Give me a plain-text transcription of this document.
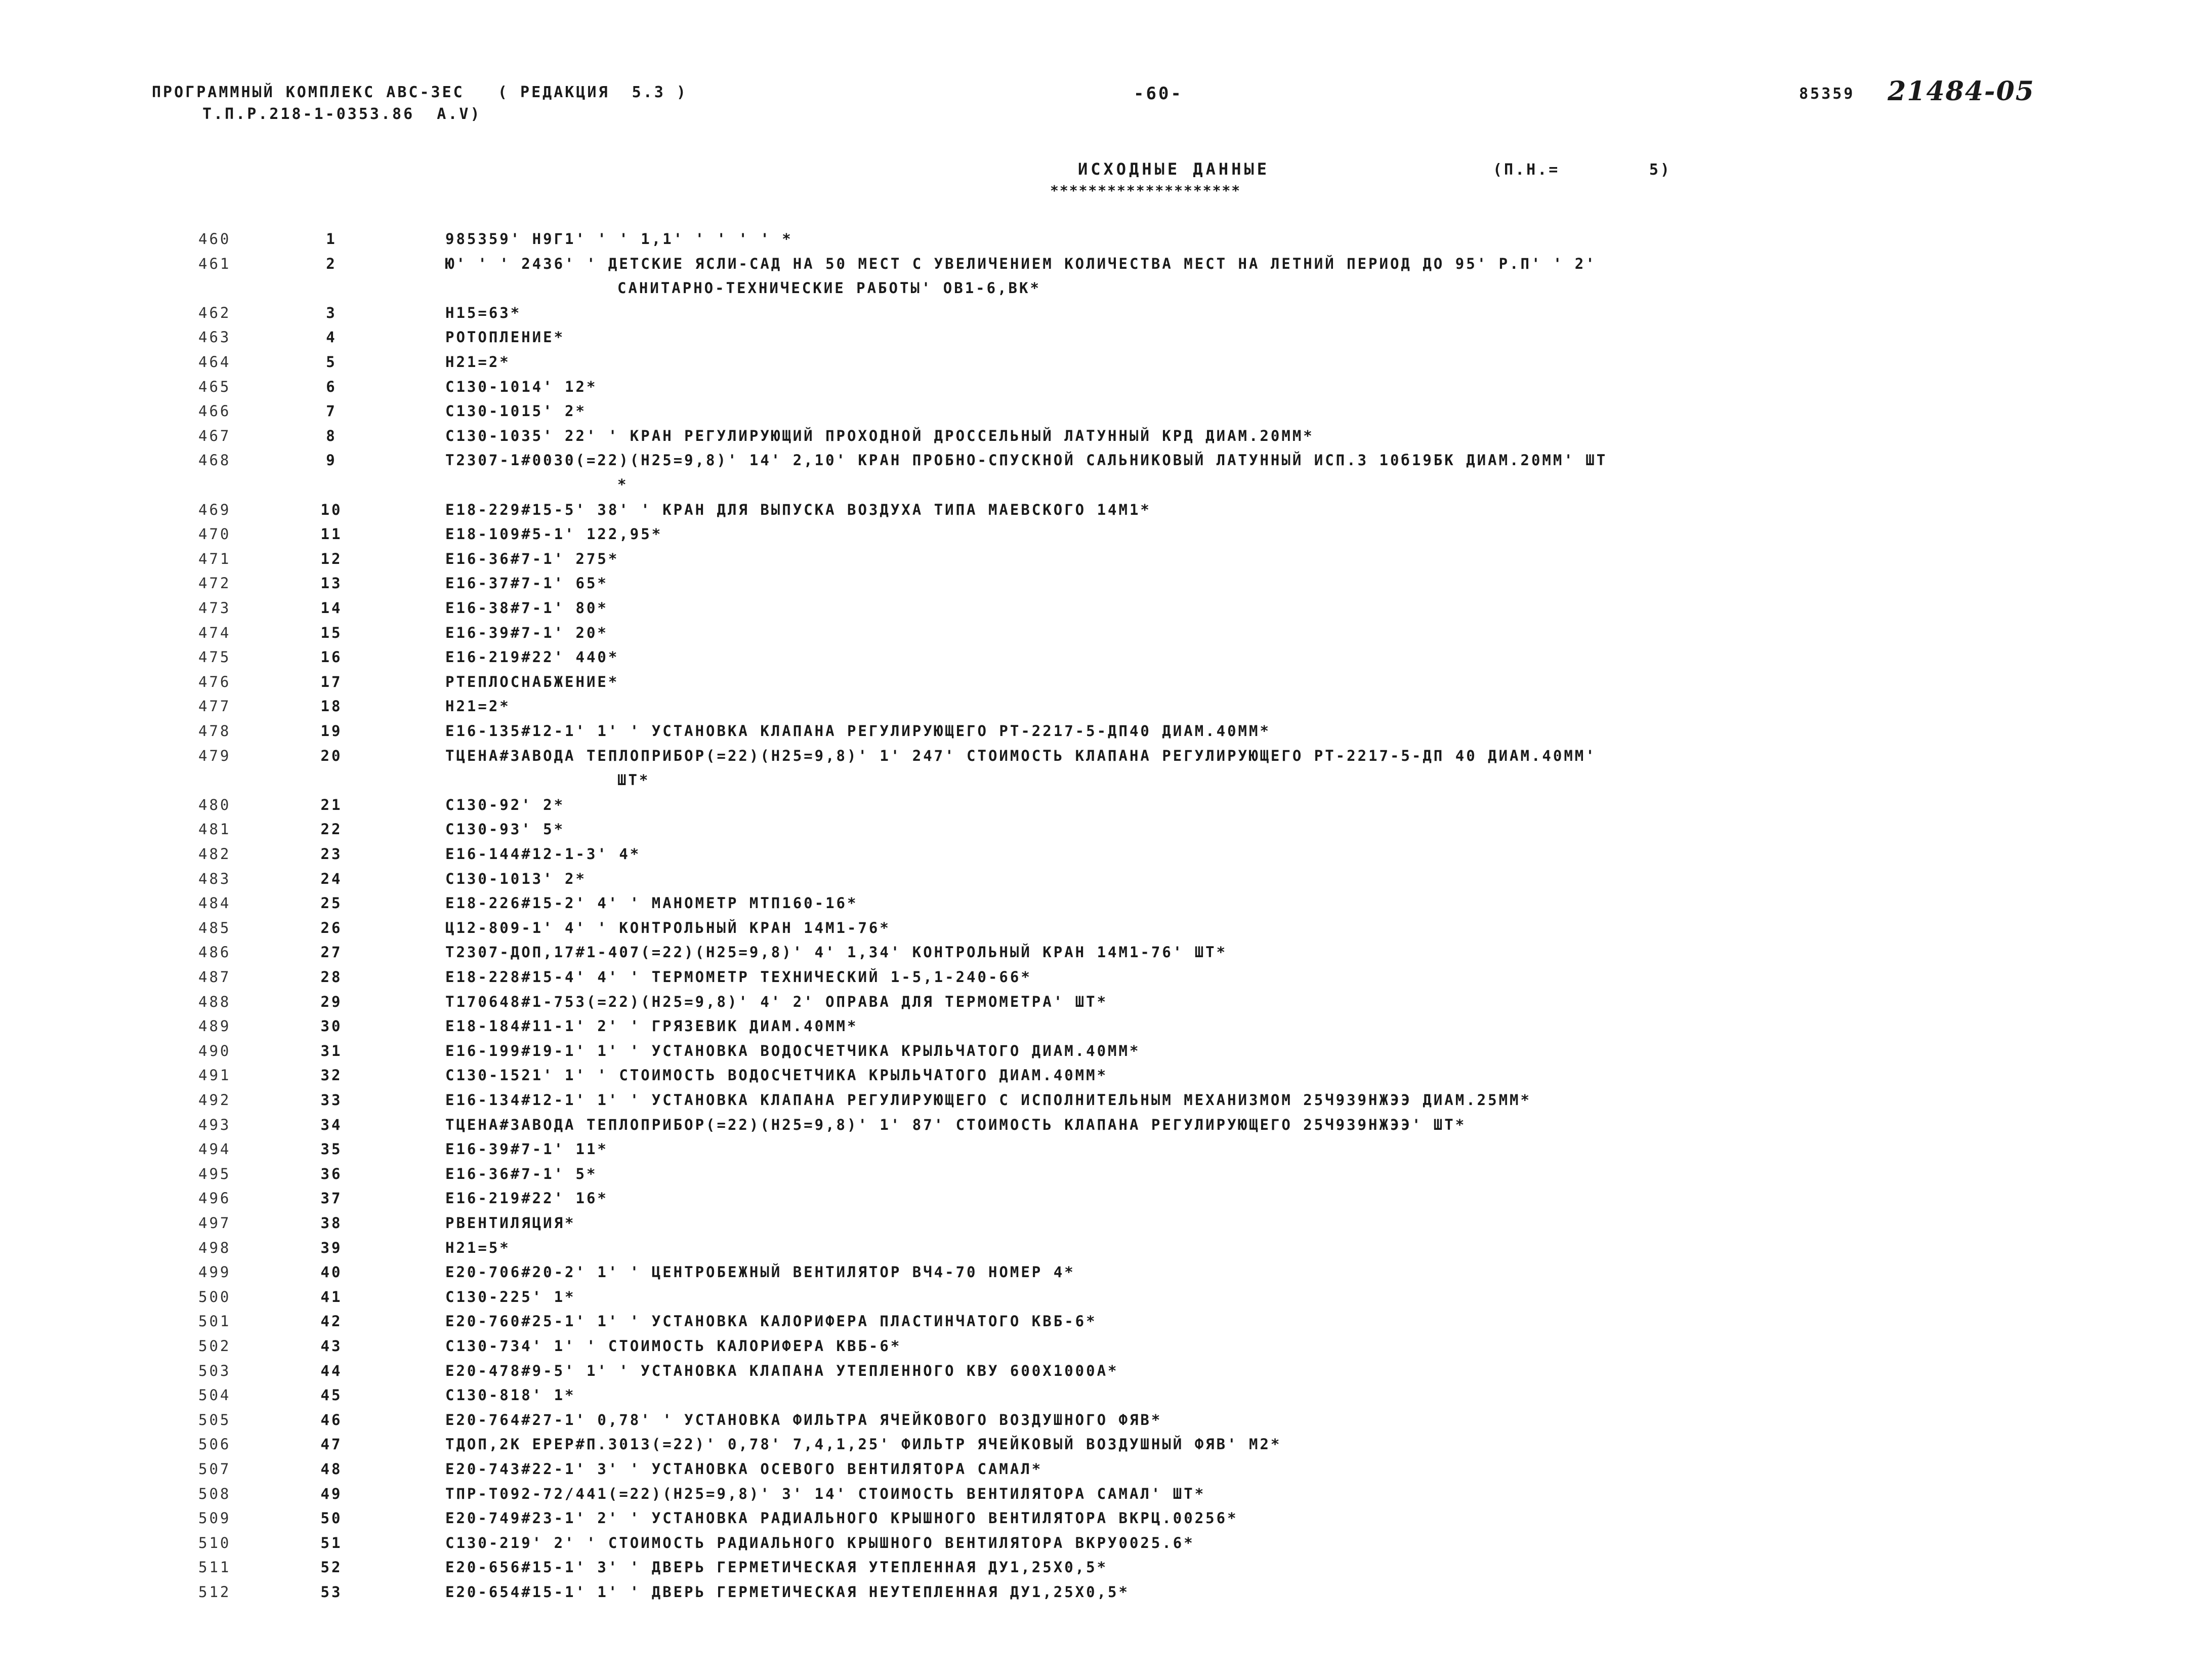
ПРОГРАММНЫЙ КОМПЛЕКС АВС-3ЕС   ( РЕДАКЦИЯ  5.3 )
Т.П.Р.218-1-0353.86  A.V)
-60-	85359 21484-05
ИСХОДНЫЕ ДАННЫЕ
********************
(П.Н.=        5)
460	1	985359' Н9Г1' ' ' 1,1' ' ' ' ' *
461	2	Ю' ' ' 2436' ' ДЕТСКИЕ ЯСЛИ-САД НА 50 МЕСТ С УВЕЛИЧЕНИЕМ КОЛИЧЕСТВА МЕСТ НА ЛЕТНИЙ ПЕРИОД ДО 95' Р.П' ' 2'
САНИТАРНО-ТЕХНИЧЕСКИЕ РАБОТЫ' ОВ1-6,ВК*
462	3	Н15=63*
463	4	РОТОПЛЕНИЕ*
464	5	Н21=2*
465	6	С130-1014' 12*
466	7	С130-1015' 2*
467	8	С130-1035' 22' ' КРАН РЕГУЛИРУЮЩИЙ ПРОХОДНОЙ ДРОССЕЛЬНЫЙ ЛАТУННЫЙ КРД ДИАМ.20ММ*
468	9	Т2307-1#0030(=22)(Н25=9,8)' 14' 2,10' КРАН ПРОБНО-СПУСКНОЙ САЛЬНИКОВЫЙ ЛАТУННЫЙ ИСП.3 10б19БК ДИАМ.20ММ' ШТ
*
469	10	Е18-229#15-5' 38' ' КРАН ДЛЯ ВЫПУСКА ВОЗДУХА ТИПА МАЕВСКОГО 14М1*
470	11	Е18-109#5-1' 122,95*
471	12	Е16-36#7-1' 275*
472	13	Е16-37#7-1' 65*
473	14	Е16-38#7-1' 80*
474	15	Е16-39#7-1' 20*
475	16	Е16-219#22' 440*
476	17	РТЕПЛОСНАБЖЕНИЕ*
477	18	Н21=2*
478	19	Е16-135#12-1' 1' ' УСТАНОВКА КЛАПАНА РЕГУЛИРУЮЩЕГО РТ-2217-5-ДП40 ДИАМ.40ММ*
479	20	ТЦЕНА#ЗАВОДА ТЕПЛОПРИБОР(=22)(Н25=9,8)' 1' 247' СТОИМОСТЬ КЛАПАНА РЕГУЛИРУЮЩЕГО РТ-2217-5-ДП 40 ДИАМ.40ММ'
ШТ*
480	21	С130-92' 2*
481	22	С130-93' 5*
482	23	Е16-144#12-1-3' 4*
483	24	С130-1013' 2*
484	25	Е18-226#15-2' 4' ' МАНОМЕТР МТП160-16*
485	26	Ц12-809-1' 4' ' КОНТРОЛЬНЫЙ КРАН 14М1-76*
486	27	Т2307-ДОП,17#1-407(=22)(Н25=9,8)' 4' 1,34' КОНТРОЛЬНЫЙ КРАН 14М1-76' ШТ*
487	28	Е18-228#15-4' 4' ' ТЕРМОМЕТР ТЕХНИЧЕСКИЙ 1-5,1-240-66*
488	29	Т170648#1-753(=22)(Н25=9,8)' 4' 2' ОПРАВА ДЛЯ ТЕРМОМЕТРА' ШТ*
489	30	Е18-184#11-1' 2' ' ГРЯЗЕВИК ДИАМ.40ММ*
490	31	Е16-199#19-1' 1' ' УСТАНОВКА ВОДОСЧЕТЧИКА КРЫЛЬЧАТОГО ДИАМ.40ММ*
491	32	С130-1521' 1' ' СТОИМОСТЬ ВОДОСЧЕТЧИКА КРЫЛЬЧАТОГО ДИАМ.40ММ*
492	33	Е16-134#12-1' 1' ' УСТАНОВКА КЛАПАНА РЕГУЛИРУЮЩЕГО С ИСПОЛНИТЕЛЬНЫМ МЕХАНИЗМОМ 25Ч939НЖЭЭ ДИАМ.25ММ*
493	34	ТЦЕНА#ЗАВОДА ТЕПЛОПРИБОР(=22)(Н25=9,8)' 1' 87' СТОИМОСТЬ КЛАПАНА РЕГУЛИРУЮЩЕГО 25Ч939НЖЭЭ' ШТ*
494	35	Е16-39#7-1' 11*
495	36	Е16-36#7-1' 5*
496	37	Е16-219#22' 16*
497	38	РВЕНТИЛЯЦИЯ*
498	39	Н21=5*
499	40	Е20-706#20-2' 1' ' ЦЕНТРОБЕЖНЫЙ ВЕНТИЛЯТОР ВЧ4-70 НОМЕР 4*
500	41	С130-225' 1*
501	42	Е20-760#25-1' 1' ' УСТАНОВКА КАЛОРИФЕРА ПЛАСТИНЧАТОГО КВБ-6*
502	43	С130-734' 1' ' СТОИМОСТЬ КАЛОРИФЕРА КВБ-6*
503	44	Е20-478#9-5' 1' ' УСТАНОВКА КЛАПАНА УТЕПЛЕННОГО КВУ 600Х1000А*
504	45	С130-818' 1*
505	46	Е20-764#27-1' 0,78' ' УСТАНОВКА ФИЛЬТРА ЯЧЕЙКОВОГО ВОЗДУШНОГО ФЯВ*
506	47	ТДОП,2К ЕРЕР#П.3013(=22)' 0,78' 7,4,1,25' ФИЛЬТР ЯЧЕЙКОВЫЙ ВОЗДУШНЫЙ ФЯВ' М2*
507	48	Е20-743#22-1' 3' ' УСТАНОВКА ОСЕВОГО ВЕНТИЛЯТОРА САМАЛ*
508	49	ТПР-Т092-72/441(=22)(Н25=9,8)' 3' 14' СТОИМОСТЬ ВЕНТИЛЯТОРА САМАЛ' ШТ*
509	50	Е20-749#23-1' 2' ' УСТАНОВКА РАДИАЛЬНОГО КРЫШНОГО ВЕНТИЛЯТОРА ВКРЦ.00256*
510	51	С130-219' 2' ' СТОИМОСТЬ РАДИАЛЬНОГО КРЫШНОГО ВЕНТИЛЯТОРА ВКРУ0025.6*
511	52	Е20-656#15-1' 3' ' ДВЕРЬ ГЕРМЕТИЧЕСКАЯ УТЕПЛЕННАЯ ДУ1,25Х0,5*
512	53	Е20-654#15-1' 1' ' ДВЕРЬ ГЕРМЕТИЧЕСКАЯ НЕУТЕПЛЕННАЯ ДУ1,25Х0,5*
